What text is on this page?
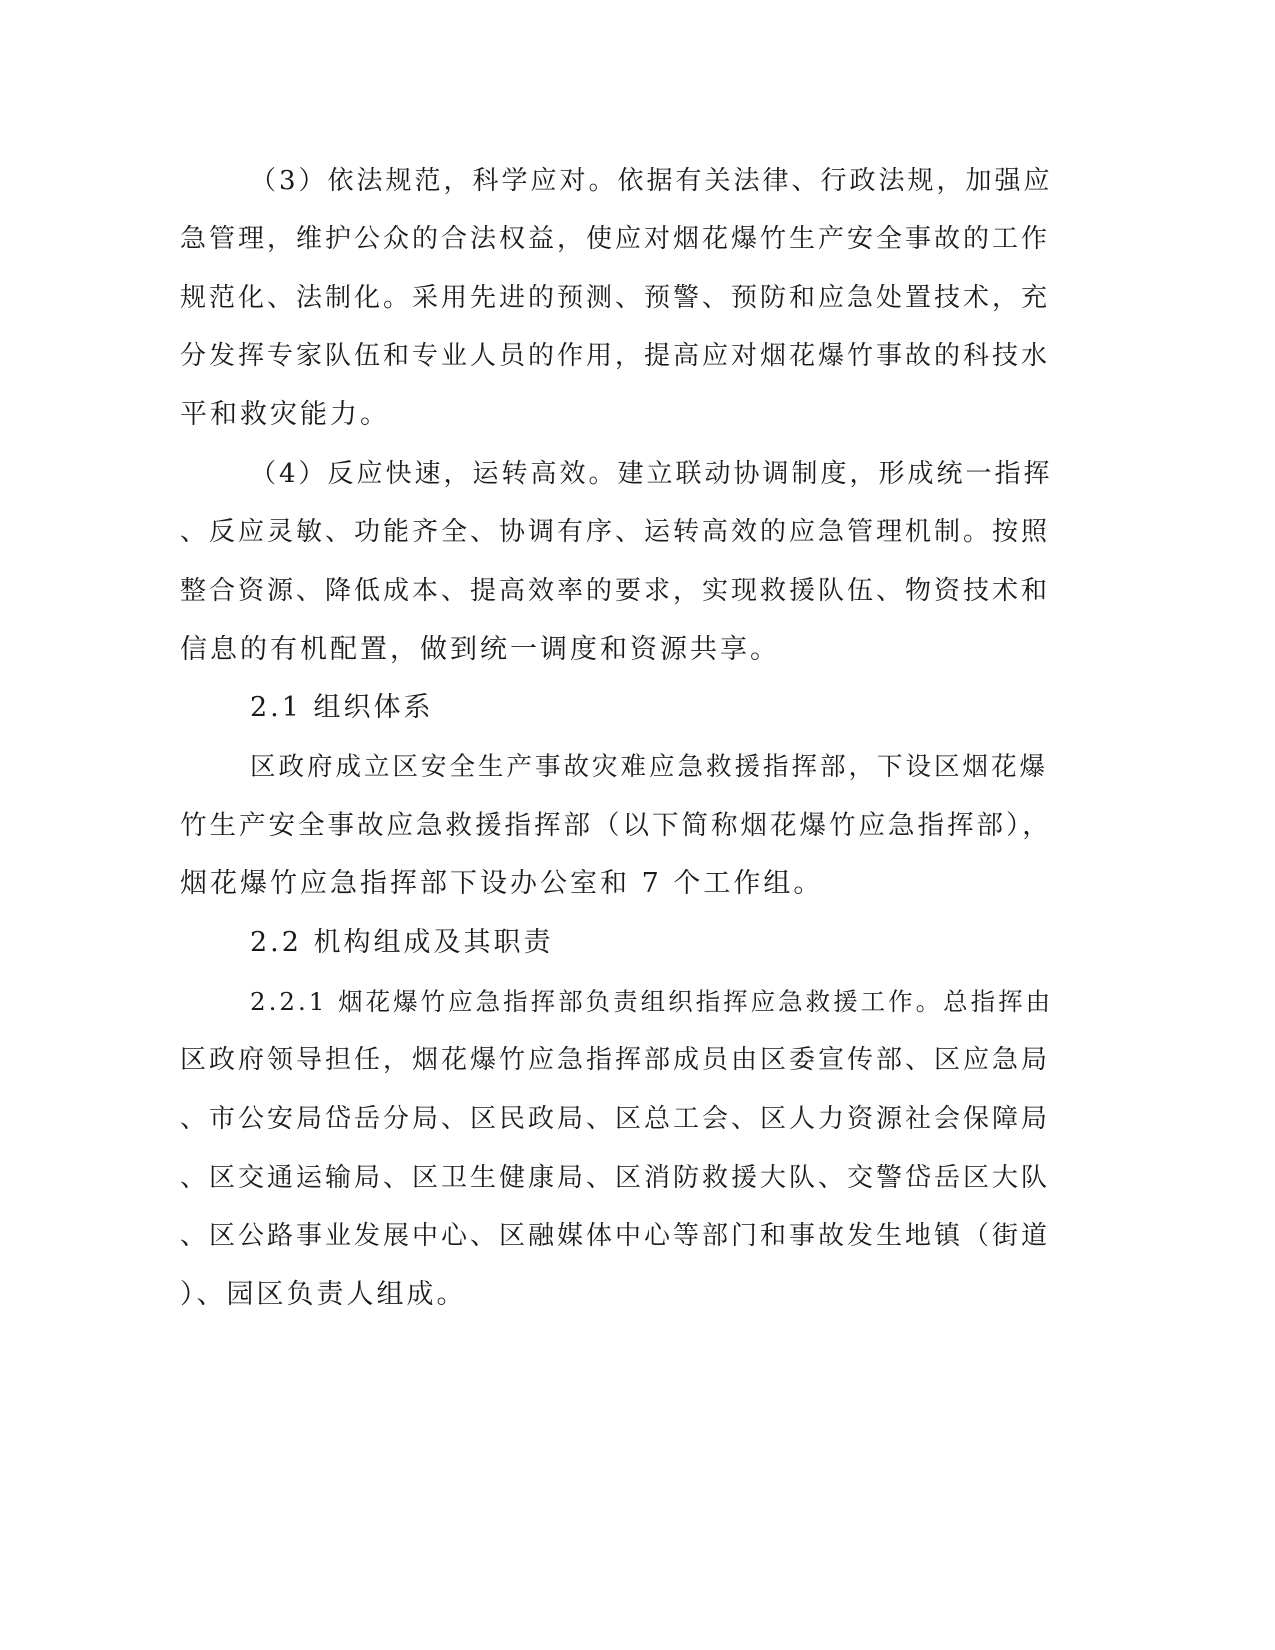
（3）依法规范，科学应对。依据有关法律、行政法规，加强应
急管理，维护公众的合法权益，使应对烟花爆竹生产安全事故的工作
规范化、法制化。采用先进的预测、预警、预防和应急处置技术，充
分发挥专家队伍和专业人员的作用，提高应对烟花爆竹事故的科技水
平和救灾能力。
（4）反应快速，运转高效。建立联动协调制度，形成统一指挥
、反应灵敏、功能齐全、协调有序、运转高效的应急管理机制。按照
整合资源、降低成本、提高效率的要求，实现救援队伍、物资技术和
信息的有机配置，做到统一调度和资源共享。
2.1 组织体系
区政府成立区安全生产事故灾难应急救援指挥部，下设区烟花爆
竹生产安全事故应急救援指挥部（以下简称烟花爆竹应急指挥部），
烟花爆竹应急指挥部下设办公室和 7 个工作组。
2.2 机构组成及其职责
2.2.1 烟花爆竹应急指挥部负责组织指挥应急救援工作。总指挥由
区政府领导担任，烟花爆竹应急指挥部成员由区委宣传部、区应急局
、市公安局岱岳分局、区民政局、区总工会、区人力资源社会保障局
、区交通运输局、区卫生健康局、区消防救援大队、交警岱岳区大队
、区公路事业发展中心、区融媒体中心等部门和事故发生地镇（街道
）、园区负责人组成。
